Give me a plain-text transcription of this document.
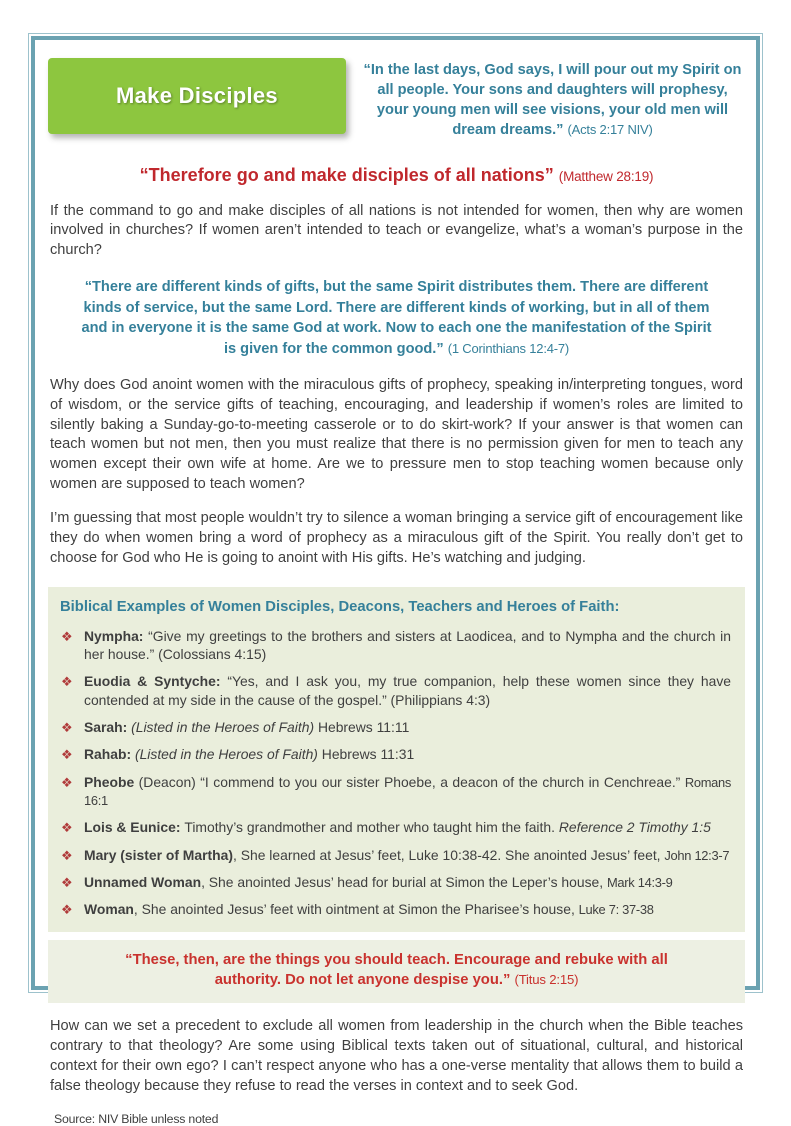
Make Disciples
“In the last days, God says, I will pour out my Spirit on all people. Your sons and daughters will prophesy, your young men will see visions, your old men will dream dreams.” (Acts 2:17 NIV)
“Therefore go and make disciples of all nations” (Matthew 28:19)
If the command to go and make disciples of all nations is not intended for women, then why are women involved in churches? If women aren’t intended to teach or evangelize, what’s a woman’s purpose in the church?
“There are different kinds of gifts, but the same Spirit distributes them. There are different kinds of service, but the same Lord. There are different kinds of working, but in all of them and in everyone it is the same God at work. Now to each one the manifestation of the Spirit is given for the common good.” (1 Corinthians 12:4-7)
Why does God anoint women with the miraculous gifts of prophecy, speaking in/interpreting tongues, word of wisdom, or the service gifts of teaching, encouraging, and leadership if women’s roles are limited to silently baking a Sunday-go-to-meeting casserole or to do skirt-work? If your answer is that women can teach women but not men, then you must realize that there is no permission given for men to teach any women except their own wife at home. Are we to pressure men to stop teaching women because only women are supposed to teach women?
I’m guessing that most people wouldn’t try to silence a woman bringing a service gift of encouragement like they do when women bring a word of prophecy as a miraculous gift of the Spirit. You really don’t get to choose for God who He is going to anoint with His gifts. He’s watching and judging.
Biblical Examples of Women Disciples, Deacons, Teachers and Heroes of Faith:
❖ Nympha: “Give my greetings to the brothers and sisters at Laodicea, and to Nympha and the church in her house.” (Colossians 4:15)
❖ Euodia & Syntyche: “Yes, and I ask you, my true companion, help these women since they have contended at my side in the cause of the gospel.” (Philippians 4:3)
❖ Sarah: (Listed in the Heroes of Faith) Hebrews 11:11
❖ Rahab: (Listed in the Heroes of Faith) Hebrews 11:31
❖ Pheobe (Deacon) “I commend to you our sister Phoebe, a deacon of the church in Cenchreae.” Romans 16:1
❖ Lois & Eunice: Timothy’s grandmother and mother who taught him the faith. Reference 2 Timothy 1:5
❖ Mary (sister of Martha), She learned at Jesus’ feet, Luke 10:38-42. She anointed Jesus’ feet, John 12:3-7
❖ Unnamed Woman, She anointed Jesus’ head for burial at Simon the Leper’s house, Mark 14:3-9
❖ Woman, She anointed Jesus’ feet with ointment at Simon the Pharisee’s house, Luke 7: 37-38
“These, then, are the things you should teach. Encourage and rebuke with all authority. Do not let anyone despise you.” (Titus 2:15)
How can we set a precedent to exclude all women from leadership in the church when the Bible teaches contrary to that theology? Are some using Biblical texts taken out of situational, cultural, and historical context for their own ego? I can’t respect anyone who has a one-verse mentality that allows them to build a false theology because they refuse to read the verses in context and to seek God.
Source: NIV Bible unless noted
